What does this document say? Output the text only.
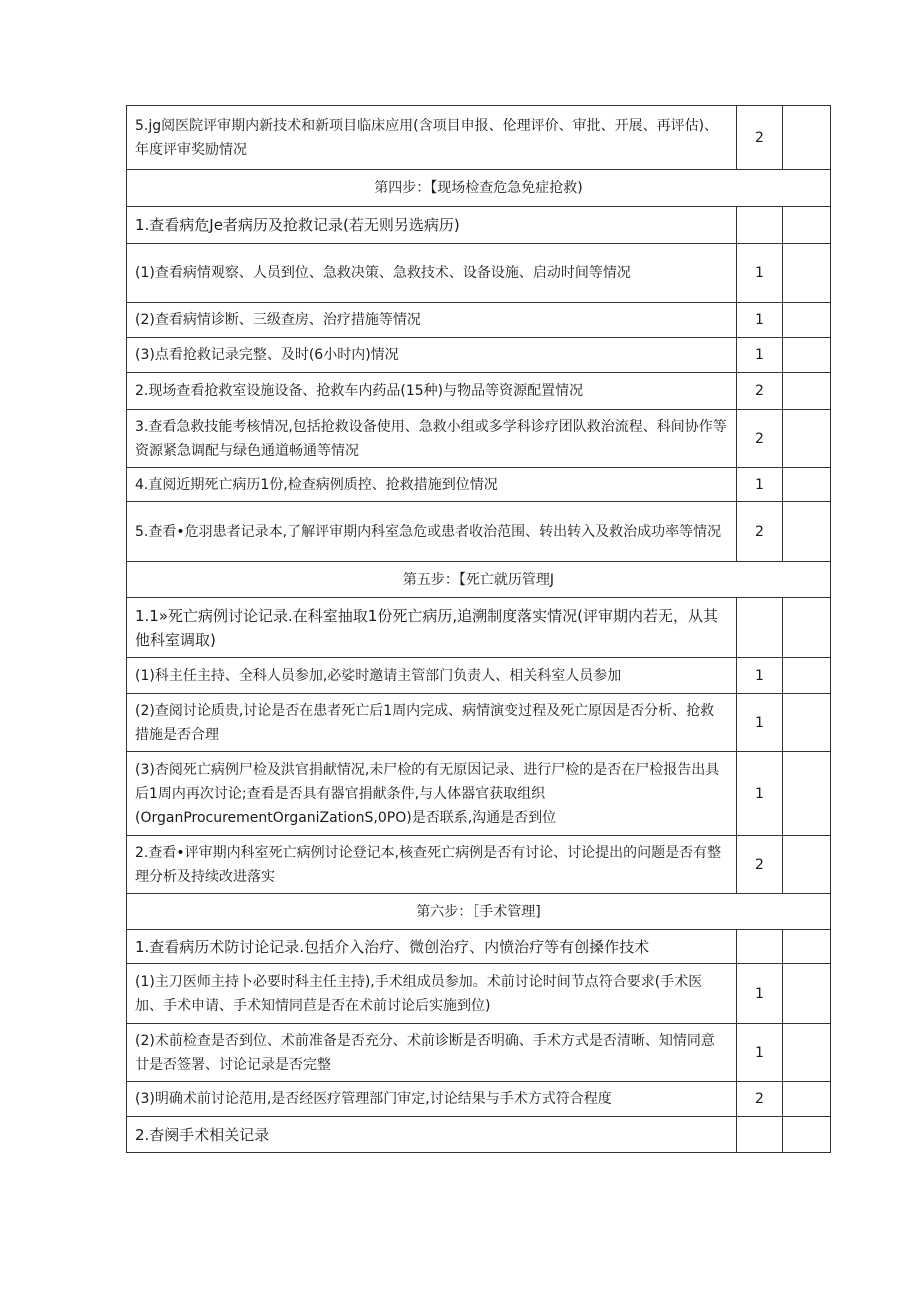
5.jg阅医院评审期内新技术和新项目临床应用(含项目申报、伦理评价、审批、开展、再评估)、年度评审奖励情况	2	
第四步：【现场检查危急免症抢救)		
1.查看病危Je者病历及抢救记录(若无则另选病历)		
(1)查看病情观察、人员到位、急救决策、急救技术、设备设施、启动时间等情况	1	
(2)查看病情诊断、三级查房、治疗措施等情况	1	
(3)点看抢救记录完整、及时(6小时内)情况	1	
2.现场查看抢救室设施设备、抢救车内药品(15种)与物品等资源配置情况	2	
3.查看急救技能考核情况,包括抢救设备使用、急救小组或多学科诊疗团队救治流程、科间协作等资源紧急调配与绿色通道畅通等情况	2	
4.直阅近期死亡病历1份,检查病例质控、抢救措施到位情况	1	
5.查看•危羽患者记录本,了解评审期内科室急危或患者收治范围、转出转入及救治成功率等情况	2	
第五步：【死亡就历管理J		
1.1»死亡病例讨论记录.在科室抽取1份死亡病历,追溯制度落实情况(评审期内若无，从其他科室调取)		
(1)科主任主持、全科人员参加,必娑时邀请主管部门负责人、相关科室人员参加	1	
(2)查阅讨论质贵,讨论是否在患者死亡后1周内完成、病情演变过程及死亡原因是否分析、抢救措施是否合理	1	
(3)杏阅死亡病例尸检及洪官捐献情况,未尸检的有无原因记录、进行尸检的是否在尸检报告出具后1周内再次讨论;查看是否具有器官捐献条件,与人体器官获取组织(OrganProcurementOrganiZationS,0PO)是否联系,沟通是否到位	1	
2.查看•评审期内科室死亡病例讨论登记本,核查死亡病例是否有讨论、讨论提出的问题是否有整理分析及持续改进落实	2	
第六步：［手术管理]		
1.查看病历术防讨论记录.包括介入治疗、微创治疗、内愤治疗等有创搡作技术		
(1)主刀医师主持卜必要时科主任主持),手术组成员参加。术前讨论时间节点符合要求(手术医加、手术申请、手术知情同苣是否在术前讨论后实施到位)	1	
(2)术前检查是否到位、术前准备是否充分、术前诊断是否明确、手术方式是否清晰、知情同意廿是否签署、讨论记录是否完整	1	
(3)明确术前讨论范用,是否经医疗管理部门审定,讨论结果与手术方式符合程度	2	
2.杳阕手术相关记录		
